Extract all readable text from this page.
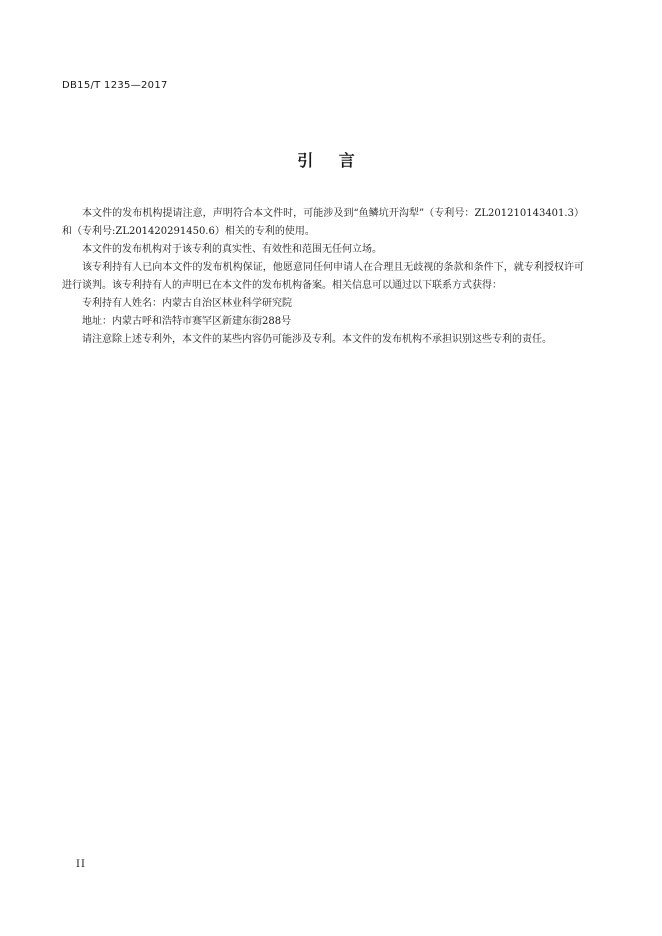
DB15/T 1235—2017

引 言

本文件的发布机构提请注意，声明符合本文件时，可能涉及到“鱼鳞坑开沟犁”（专利号：ZL201210143401.3）和（专利号:ZL201420291450.6）相关的专利的使用。

本文件的发布机构对于该专利的真实性、有效性和范围无任何立场。

该专利持有人已向本文件的发布机构保证，他愿意同任何申请人在合理且无歧视的条款和条件下，就专利授权许可进行谈判。该专利持有人的声明已在本文件的发布机构备案。相关信息可以通过以下联系方式获得：

专利持有人姓名：内蒙古自治区林业科学研究院

地址：内蒙古呼和浩特市赛罕区新建东街288号

请注意除上述专利外，本文件的某些内容仍可能涉及专利。本文件的发布机构不承担识别这些专利的责任。

II
